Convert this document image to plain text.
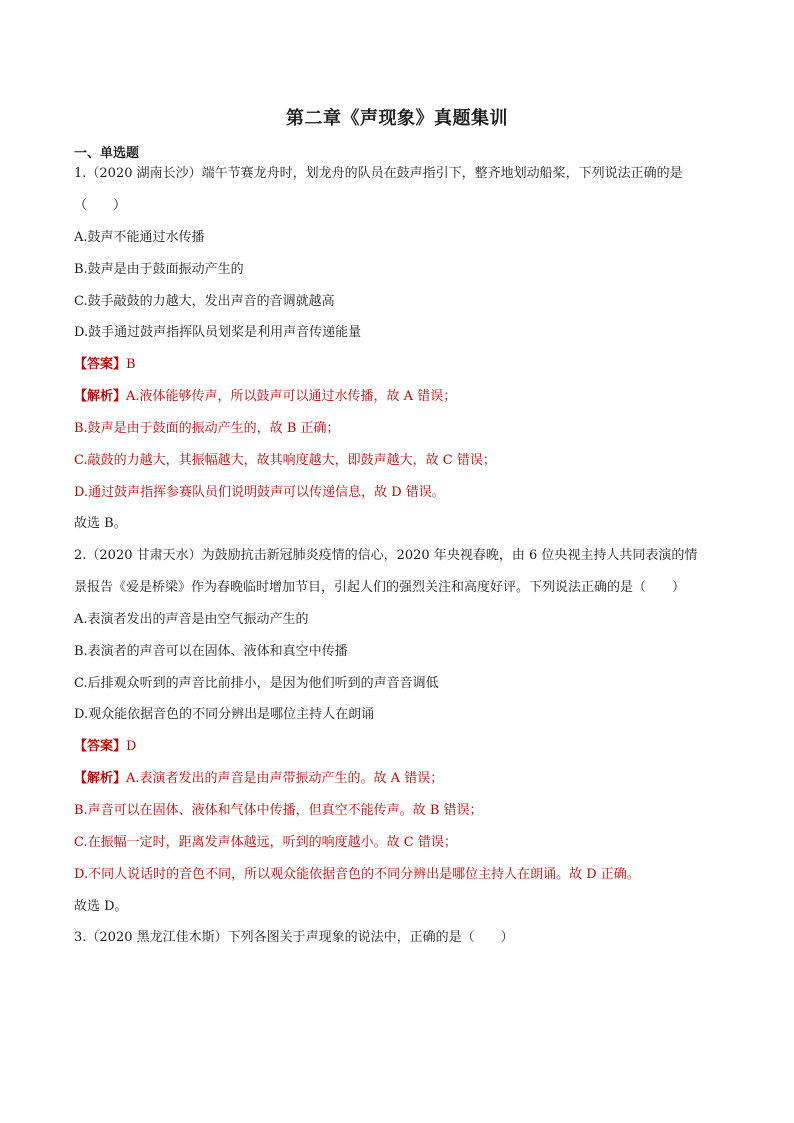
第二章《声现象》真题集训
一、单选题
1.（2020 湖南长沙）端午节赛龙舟时，划龙舟的队员在鼓声指引下，整齐地划动船桨，下列说法正确的是
（　　）
A.鼓声不能通过水传播
B.鼓声是由于鼓面振动产生的
C.鼓手敲鼓的力越大，发出声音的音调就越高
D.鼓手通过鼓声指挥队员划桨是利用声音传递能量
【答案】B
【解析】A.液体能够传声，所以鼓声可以通过水传播，故 A 错误；
B.鼓声是由于鼓面的振动产生的，故 B 正确；
C.敲鼓的力越大，其振幅越大，故其响度越大，即鼓声越大，故 C 错误；
D.通过鼓声指挥参赛队员们说明鼓声可以传递信息，故 D 错误。
故选 B。
2.（2020 甘肃天水）为鼓励抗击新冠肺炎疫情的信心，2020 年央视春晚，由 6 位央视主持人共同表演的情
景报告《爱是桥梁》作为春晚临时增加节目，引起人们的强烈关注和高度好评。下列说法正确的是（　　）
A.表演者发出的声音是由空气振动产生的
B.表演者的声音可以在固体、液体和真空中传播
C.后排观众听到的声音比前排小，是因为他们听到的声音音调低
D.观众能依据音色的不同分辨出是哪位主持人在朗诵
【答案】D
【解析】A.表演者发出的声音是由声带振动产生的。故 A 错误；
B.声音可以在固体、液体和气体中传播，但真空不能传声。故 B 错误；
C.在振幅一定时，距离发声体越远，听到的响度越小。故 C 错误；
D.不同人说话时的音色不同，所以观众能依据音色的不同分辨出是哪位主持人在朗诵。故 D 正确。
故选 D。
3.（2020 黑龙江佳木斯）下列各图关于声现象的说法中，正确的是（　　）
